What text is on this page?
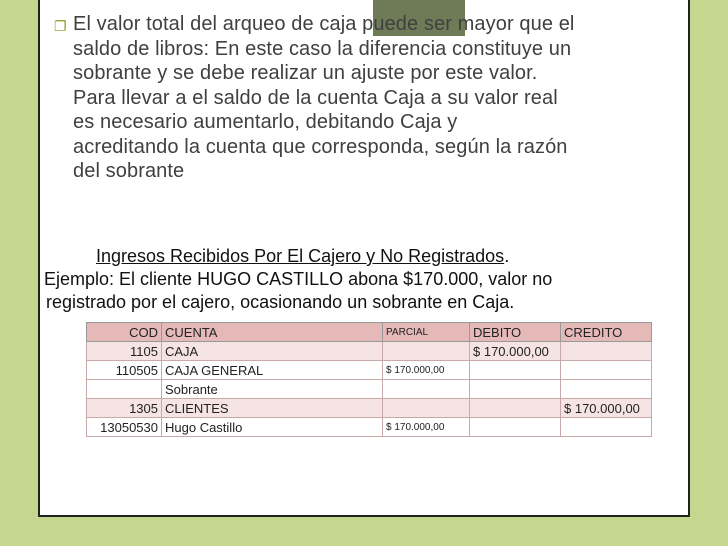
❐ El valor total del arqueo de caja puede ser mayor que el
saldo de libros: En este caso la diferencia constituye un
sobrante y se debe realizar un ajuste por este valor.
Para llevar a el saldo de la cuenta Caja a su valor real
es necesario aumentarlo, debitando Caja y
acreditando la cuenta que corresponda, según la razón
del sobrante
Ingresos Recibidos Por El Cajero y No Registrados.
Ejemplo: El cliente HUGO CASTILLO abona $170.000, valor no
registrado por el cajero, ocasionando un sobrante en Caja.
COD	CUENTA	PARCIAL	DEBITO	CREDITO
1105	CAJA		$ 170.000,00	
110505	CAJA GENERAL	$ 170.000,00		
	Sobrante			
1305	CLIENTES			$ 170.000,00
13050530	Hugo Castillo	$ 170.000,00		
